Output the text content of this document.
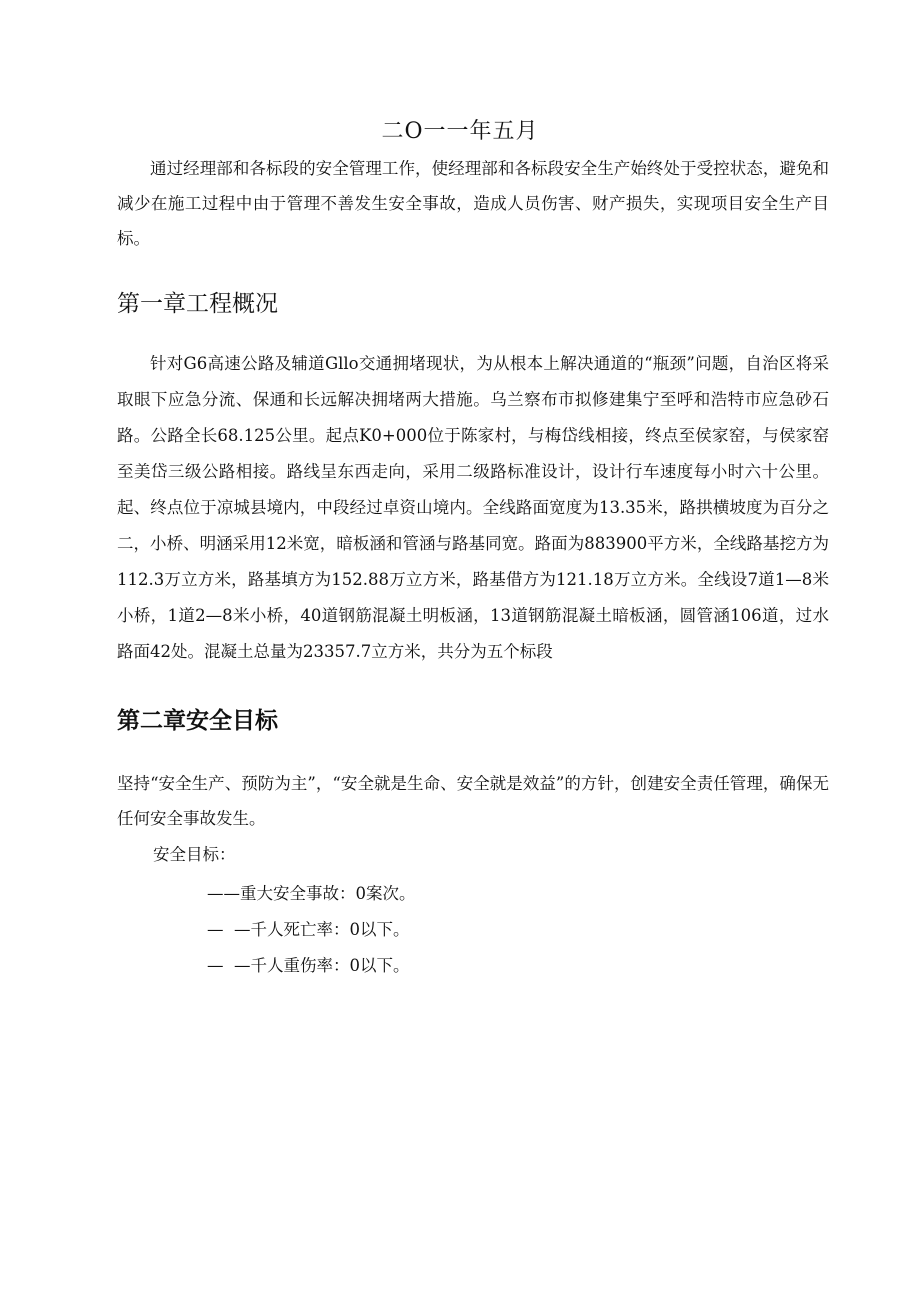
二O一一年五月

通过经理部和各标段的安全管理工作，使经理部和各标段安全生产始终处于受控状态，避免和减少在施工过程中由于管理不善发生安全事故，造成人员伤害、财产损失，实现项目安全生产目标。

第一章工程概况

针对G6高速公路及辅道Gllo交通拥堵现状，为从根本上解决通道的“瓶颈”问题，自治区将采取眼下应急分流、保通和长远解决拥堵两大措施。乌兰察布市拟修建集宁至呼和浩特市应急砂石路。公路全长68.125公里。起点K0+000位于陈家村，与梅岱线相接，终点至侯家窑，与侯家窑至美岱三级公路相接。路线呈东西走向，采用二级路标准设计，设计行车速度每小时六十公里。起、终点位于凉城县境内，中段经过卓资山境内。全线路面宽度为13.35米，路拱横坡度为百分之二，小桥、明涵采用12米宽，暗板涵和管涵与路基同宽。路面为883900平方米，全线路基挖方为112.3万立方米，路基填方为152.88万立方米，路基借方为121.18万立方米。全线设7道1—8米小桥，1道2—8米小桥，40道钢筋混凝土明板涵，13道钢筋混凝土暗板涵，圆管涵106道，过水路面42处。混凝土总量为23357.7立方米，共分为五个标段

第二章安全目标

坚持“安全生产、预防为主”，“安全就是生命、安全就是效益”的方针，创建安全责任管理，确保无任何安全事故发生。

安全目标：
——重大安全事故：0案次。
—  —千人死亡率：0以下。
—  —千人重伤率：0以下。
